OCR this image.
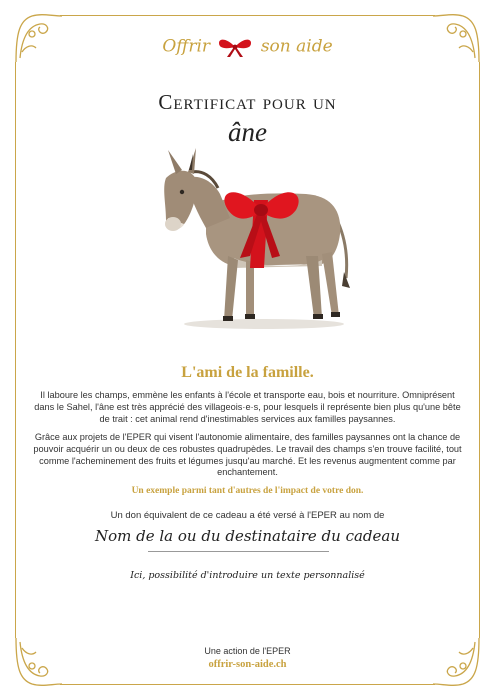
Offrir	son aide
Certificat pour un
âne
L'ami de la famille.
Il laboure les champs, emmène les enfants à l'école et transporte eau, bois et nourriture. Omniprésent dans le Sahel, l'âne est très apprécié des villageois·e·s, pour lesquels il représente bien plus qu'une bête de trait : cet animal rend d'inestimables services aux familles paysannes.
Grâce aux projets de l'EPER qui visent l'autonomie alimentaire, des familles paysannes ont la chance de pouvoir acquérir un ou deux de ces robustes quadrupèdes. Le travail des champs s'en trouve facilité, tout comme l'acheminement des fruits et légumes jusqu'au marché. Et les revenus augmentent comme par enchantement.
Un exemple parmi tant d'autres de l'impact de votre don.
Un don équivalent de ce cadeau a été versé à l'EPER au nom de
Nom de la ou du destinataire du cadeau
Ici, possibilité d'introduire un texte personnalisé
Une action de l'EPER
offrir-son-aide.ch
